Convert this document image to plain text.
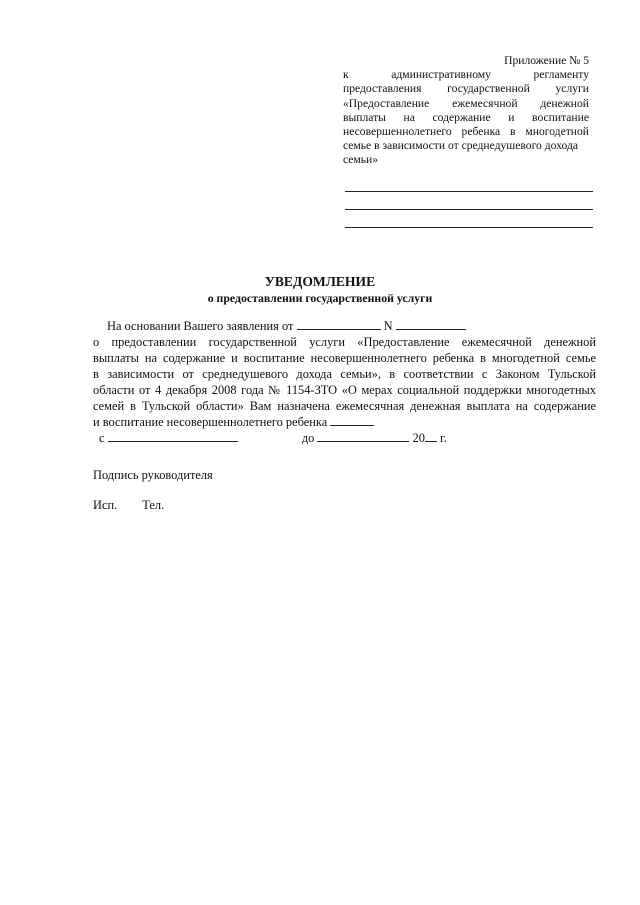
Приложение № 5
к административному регламенту
предоставления государственной услуги
«Предоставление ежемесячной денежной
выплаты на содержание и воспитание
несовершеннолетнего ребенка в многодетной
семье в зависимости от среднедушевого дохода
семьи»
УВЕДОМЛЕНИЕ
о предоставлении государственной услуги
На основании Вашего заявления от	N
о предоставлении государственной услуги «Предоставление ежемесячной денежной
выплаты на содержание и воспитание несовершеннолетнего ребенка в многодетной семье
в зависимости от среднедушевого дохода семьи», в соответствии с Законом Тульской
области от 4 декабря 2008 года № 1154-ЗТО «О мерах социальной поддержки многодетных
семей в Тульской области» Вам назначена ежемесячная денежная выплата на содержание
и воспитание несовершеннолетнего ребенка
с	до	20 г.
Подпись руководителя
Исп. Тел.
